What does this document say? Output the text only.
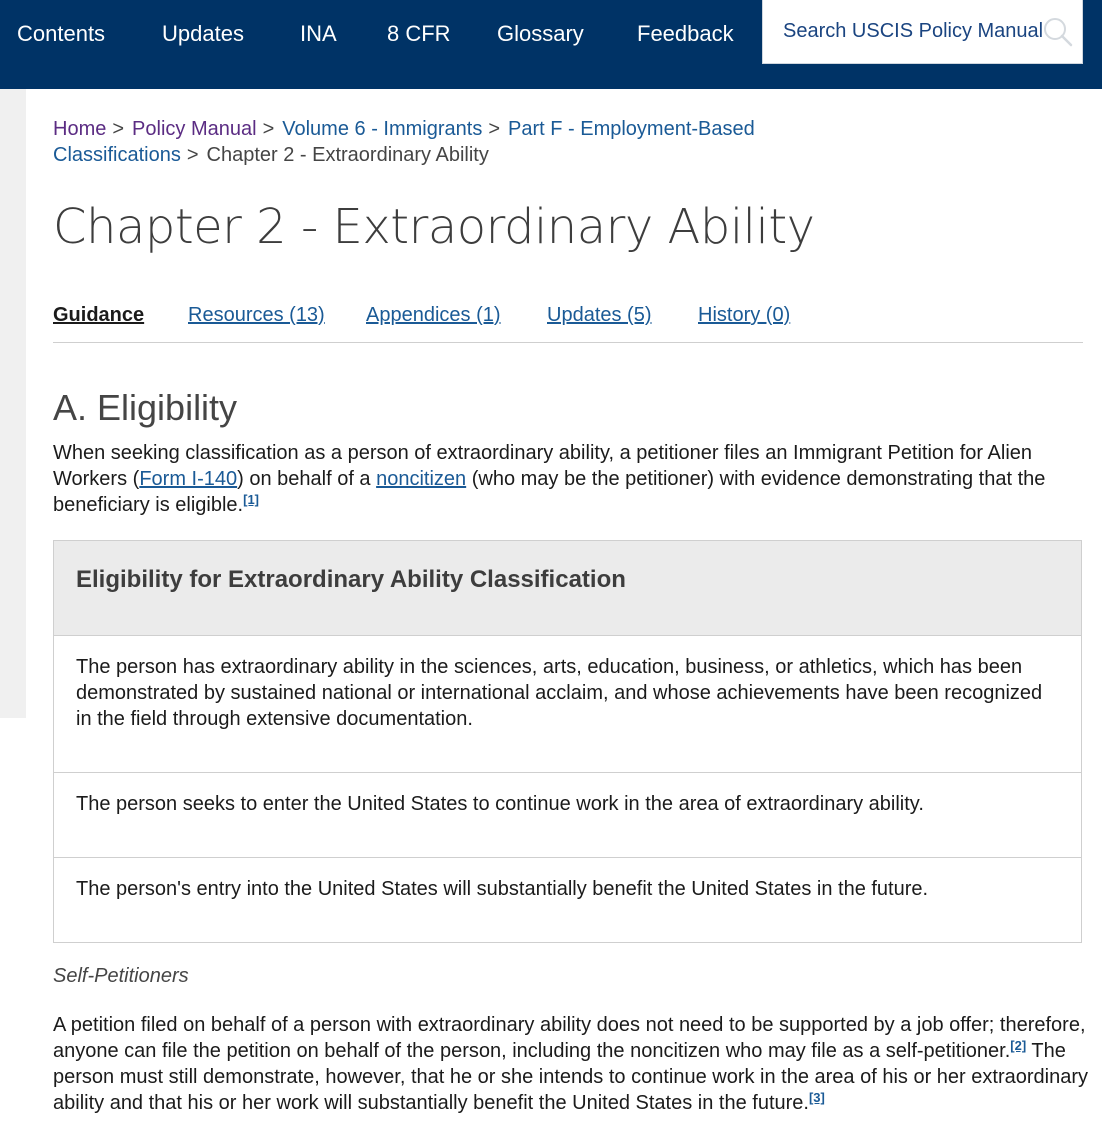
Contents	Updates	INA 8 CFR Glossary Feedback
Search USCIS Policy Manual
Home > Policy Manual > Volume 6 - Immigrants > Part F - Employment-Based Classifications > Chapter 2 - Extraordinary Ability
Chapter 2 - Extraordinary Ability
Guidance Resources (13) Appendices (1) Updates (5) History (0)
A. Eligibility

When seeking classification as a person of extraordinary ability, a petitioner files an Immigrant Petition for Alien Workers (Form I-140) on behalf of a noncitizen (who may be the petitioner) with evidence demonstrating that the beneficiary is eligible.[1]

Eligibility for Extraordinary Ability Classification
The person has extraordinary ability in the sciences, arts, education, business, or athletics, which has been demonstrated by sustained national or international acclaim, and whose achievements have been recognized in the field through extensive documentation.
The person seeks to enter the United States to continue work in the area of extraordinary ability.
The person's entry into the United States will substantially benefit the United States in the future.
Self-Petitioners

A petition filed on behalf of a person with extraordinary ability does not need to be supported by a job offer; therefore, anyone can file the petition on behalf of the person, including the noncitizen who may file as a self-petitioner.[2] The person must still demonstrate, however, that he or she intends to continue work in the area of his or her extraordinary ability and that his or her work will substantially benefit the United States in the future.[3]
